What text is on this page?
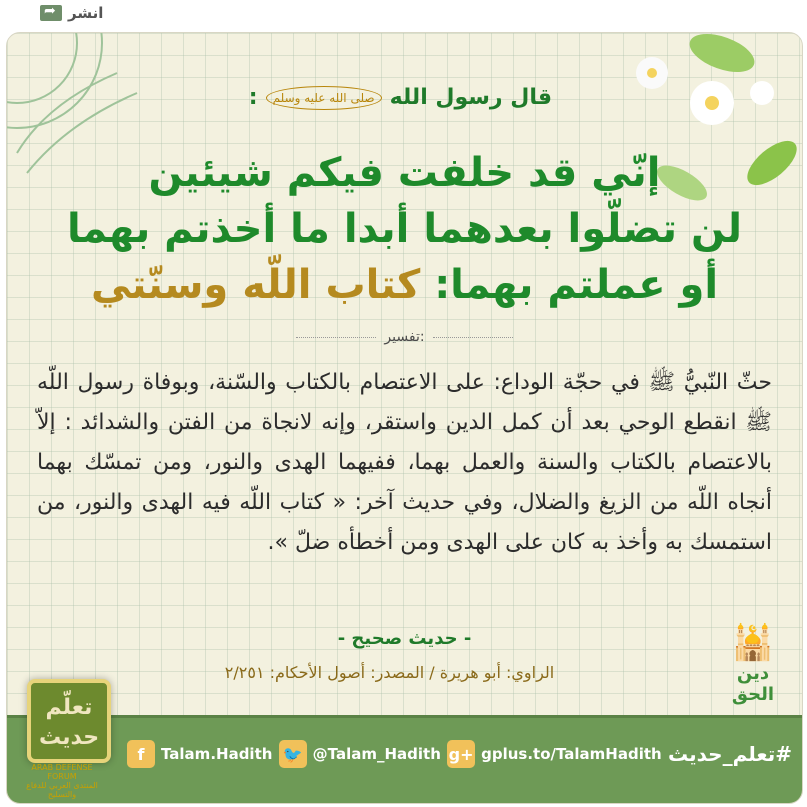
➦
انشر
قال رسول الله
صلى الله عليه وسلم
:
إنّي قد خلفت فيكم شيئين
لن تضلّوا بعدهما أبدا ما أخذتم بهما
أو عملتم بهما: كتاب اللّه وسنّتي
تفسير:
حثّ النّبيُّ ﷺ في حجّة الوداع: على الاعتصام بالكتاب والسّنة، وبوفاة رسول اللّه ﷺ انقطع الوحي بعد أن كمل الدين واستقر، وإنه لانجاة من الفتن والشدائد : إلاّ بالاعتصام بالكتاب والسنة والعمل بهما، ففيهما الهدى والنور، ومن تمسّك بهما أنجاه اللّه من الزيغ والضلال، وفي حديث آخر: « كتاب اللّه فيه الهدى والنور، من استمسك به وأخذ به كان على الهدى ومن أخطأه ضلّ ».
- حديث صحيح -
الراوي: أبو هريرة / المصدر: أصول الأحكام: ٢/٢٥١
🕌
دين الحق
f	Talam.Hadith 🐦 @Talam_Hadith g+ gplus.to/TalamHadith #تعلم_حديث
تعلّم
حديث
ARAB DEFENSE FORUM
المنتدى العربي للدفاع والتسليح
